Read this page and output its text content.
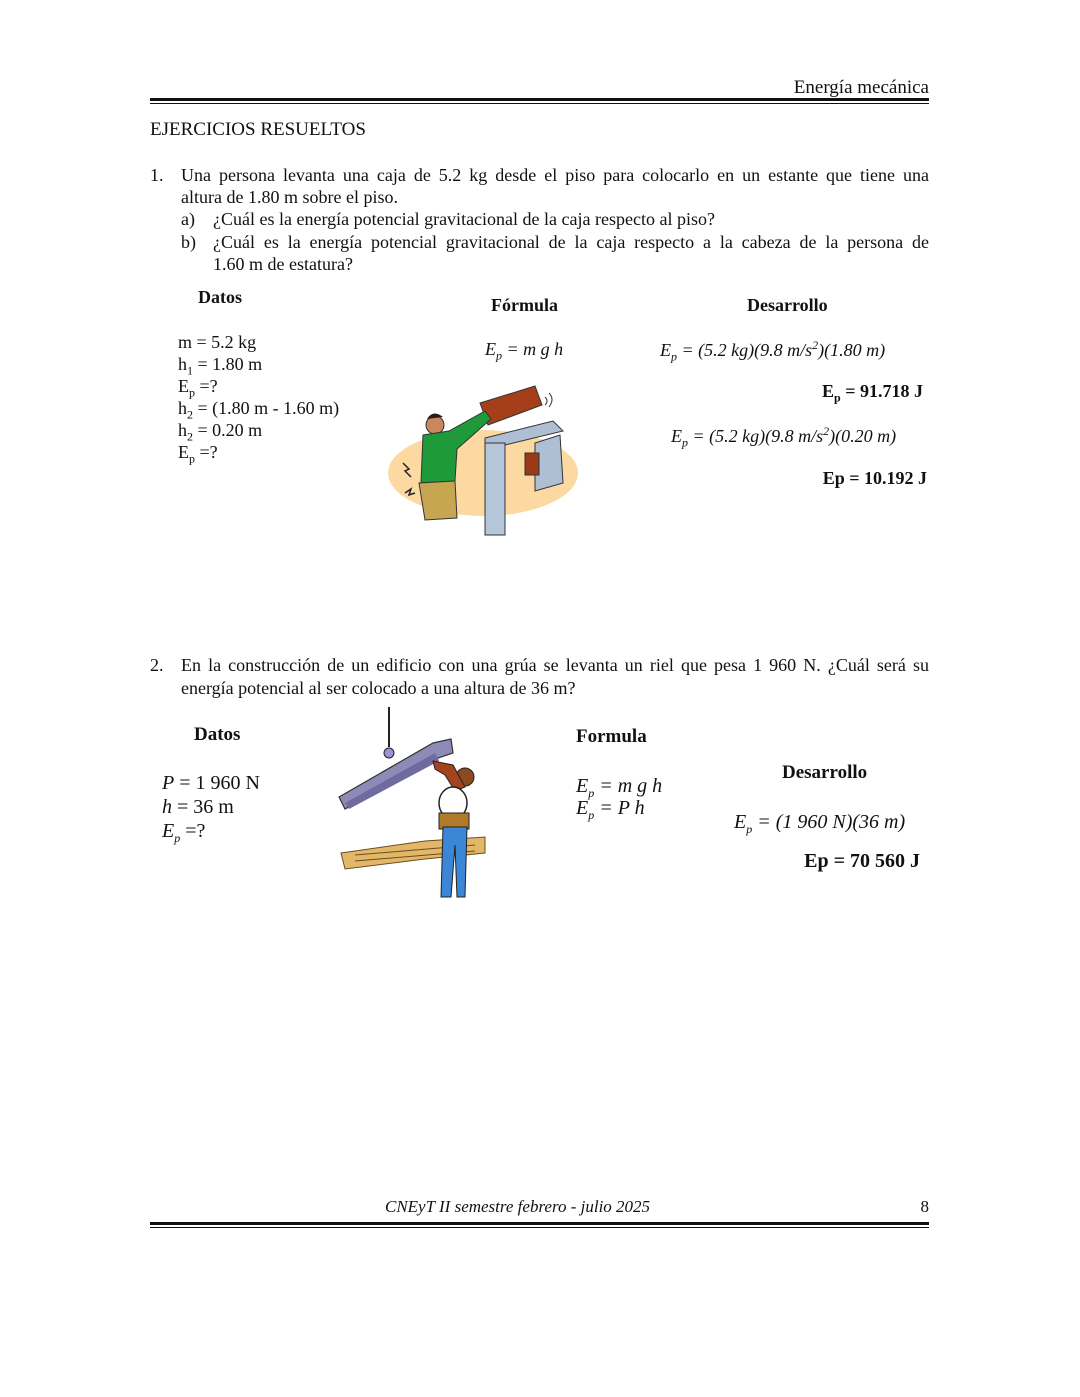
Energía mecánica
EJERCICIOS RESUELTOS
1. Una persona levanta una caja de 5.2 kg desde el piso para colocarlo en un estante que tiene una
altura de 1.80 m sobre el piso.
a) ¿Cuál es la energía potencial gravitacional de la caja respecto al piso?
b) ¿Cuál es la energía potencial gravitacional de la caja respecto a la cabeza de la persona de
1.60 m de estatura?
Datos
m = 5.2 kg
$h_1 = 1.80$ m
$E_p$ =?
$h_2 = (1.80$ m - 1.60 m)
$h_2 = 0.20$ m
$E_p$ =?
Fórmula
$E_p = m$ g h
Desarrollo
$E_p = (5.2$ kg)(9.8 $m/s^2)(1.80$ m)
$E_p = 91.718$ J
$E_p = (5.2$ kg)(9.8 $m/s^2)(0.20$ m)
Ep = 10.192 J
2. En la construcción de un edificio con una grúa se levanta un riel que pesa 1 960 N. ¿Cuál será su
energía potencial al ser colocado a una altura de 36 m?
Datos
P = 1 960 N
h = 36 m
$E_p$ =?
Formula
$E_p = m$ g h
$E_p = P$ h
Desarrollo
$E_p = (1$ 960 N)(36 m)
Ep = 70 560 J
CNEyT II semestre febrero - julio 2025	8
